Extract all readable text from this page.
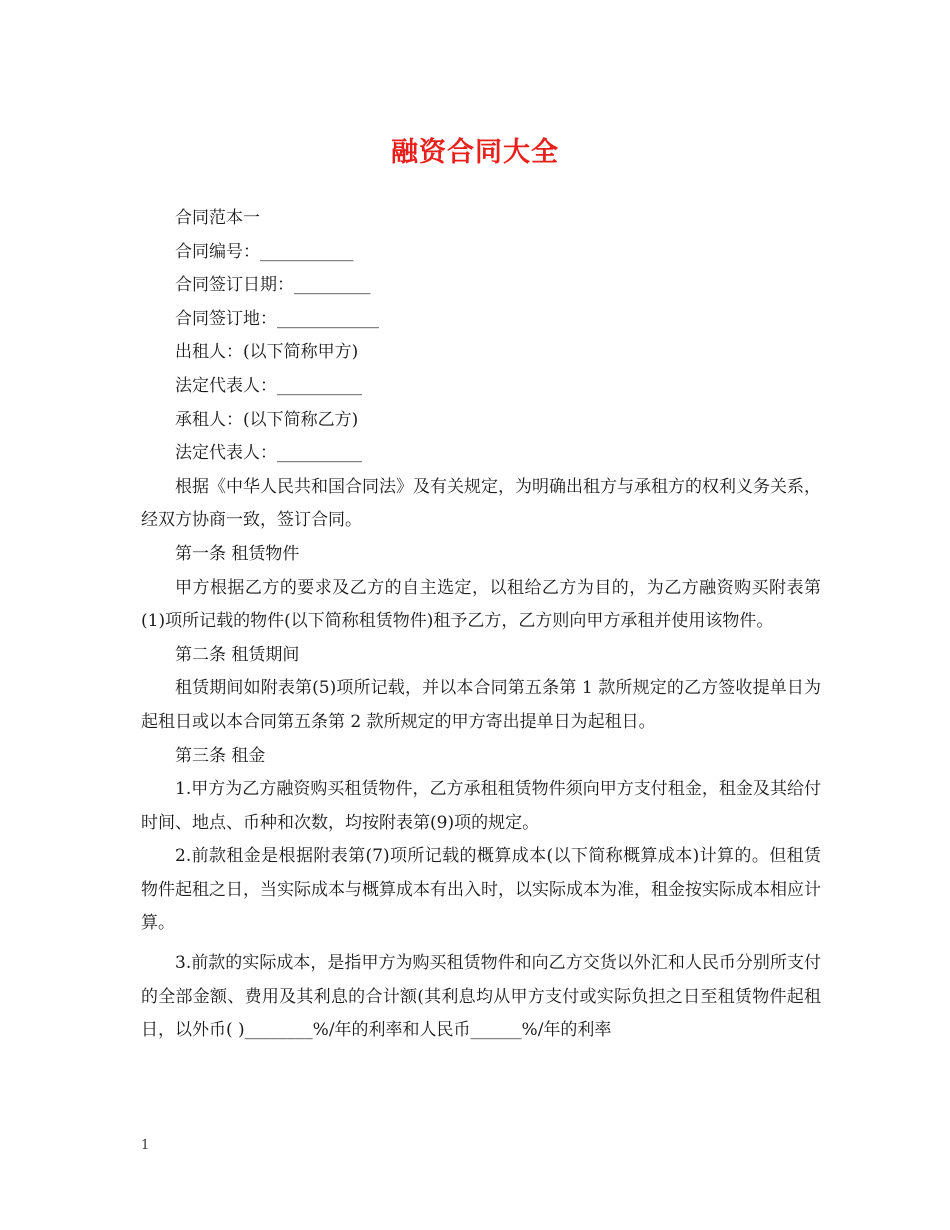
融资合同大全

合同范本一

合同编号：___________

合同签订日期：_________

合同签订地：____________

出租人：(以下简称甲方)

法定代表人：__________

承租人：(以下简称乙方)

法定代表人：__________

根据《中华人民共和国合同法》及有关规定，为明确出租方与承租方的权利义务关系，经双方协商一致，签订合同。

第一条 租赁物件

甲方根据乙方的要求及乙方的自主选定，以租给乙方为目的，为乙方融资购买附表第(1)项所记载的物件(以下简称租赁物件)租予乙方，乙方则向甲方承租并使用该物件。

第二条 租赁期间

租赁期间如附表第(5)项所记载，并以本合同第五条第 1 款所规定的乙方签收提单日为起租日或以本合同第五条第 2 款所规定的甲方寄出提单日为起租日。

第三条 租金

1.甲方为乙方融资购买租赁物件，乙方承租租赁物件须向甲方支付租金，租金及其给付时间、地点、币种和次数，均按附表第(9)项的规定。

2.前款租金是根据附表第(7)项所记载的概算成本(以下简称概算成本)计算的。但租赁物件起租之日，当实际成本与概算成本有出入时，以实际成本为准，租金按实际成本相应计算。

3.前款的实际成本，是指甲方为购买租赁物件和向乙方交货以外汇和人民币分别所支付的全部金额、费用及其利息的合计额(其利息均从甲方支付或实际负担之日至租赁物件起租日，以外币( )________%/年的利率和人民币______%/年的利率

1
